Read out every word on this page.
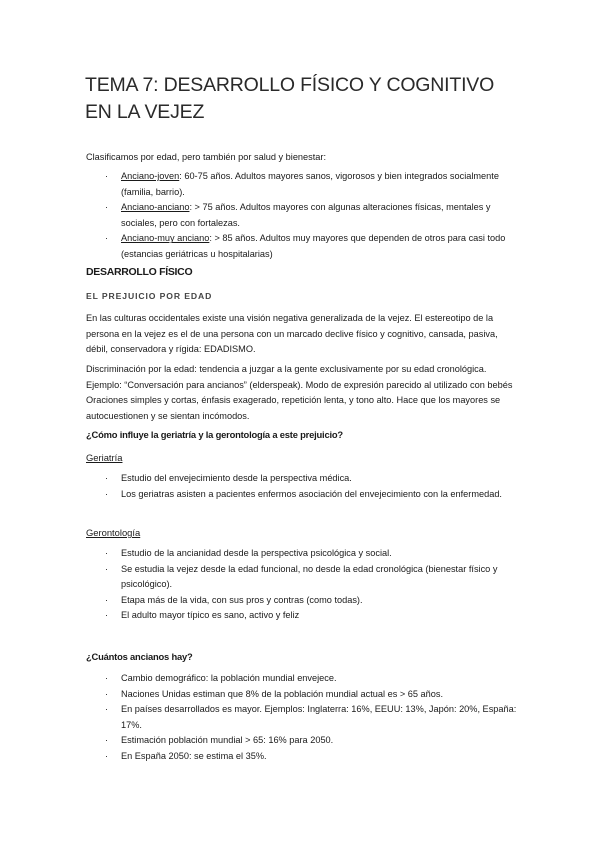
TEMA 7: DESARROLLO FÍSICO Y COGNITIVO EN LA VEJEZ

Clasificamos por edad, pero también por salud y bienestar:

· Anciano-joven: 60-75 años. Adultos mayores sanos, vigorosos y bien integrados socialmente (familia, barrio).
· Anciano-anciano: > 75 años. Adultos mayores con algunas alteraciones físicas, mentales y sociales, pero con fortalezas.
· Anciano-muy anciano: > 85 años. Adultos muy mayores que dependen de otros para casi todo (estancias geriátricas u hospitalarias)
DESARROLLO FÍSICO
EL PREJUICIO POR EDAD

En las culturas occidentales existe una visión negativa generalizada de la vejez. El estereotipo de la persona en la vejez es el de una persona con un marcado declive físico y cognitivo, cansada, pasiva, débil, conservadora y rígida: EDADISMO.

Discriminación por la edad: tendencia a juzgar a la gente exclusivamente por su edad cronológica. Ejemplo: “Conversación para ancianos” (elderspeak). Modo de expresión parecido al utilizado con bebés Oraciones simples y cortas, énfasis exagerado, repetición lenta, y tono alto. Hace que los mayores se autocuestionen y se sientan incómodos.

¿Cómo influye la geriatría y la gerontología a este prejuicio?

Geriatría

· Estudio del envejecimiento desde la perspectiva médica.
· Los geriatras asisten a pacientes enfermos asociación del envejecimiento con la enfermedad.

Gerontología

· Estudio de la ancianidad desde la perspectiva psicológica y social.
· Se estudia la vejez desde la edad funcional, no desde la edad cronológica (bienestar físico y psicológico).
· Etapa más de la vida, con sus pros y contras (como todas).
· El adulto mayor típico es sano, activo y feliz

¿Cuántos ancianos hay?

· Cambio demográfico: la población mundial envejece.
· Naciones Unidas estiman que 8% de la población mundial actual es > 65 años.
· En países desarrollados es mayor. Ejemplos: Inglaterra: 16%, EEUU: 13%, Japón: 20%, España: 17%.
· Estimación población mundial > 65: 16% para 2050.
· En España 2050: se estima el 35%.
